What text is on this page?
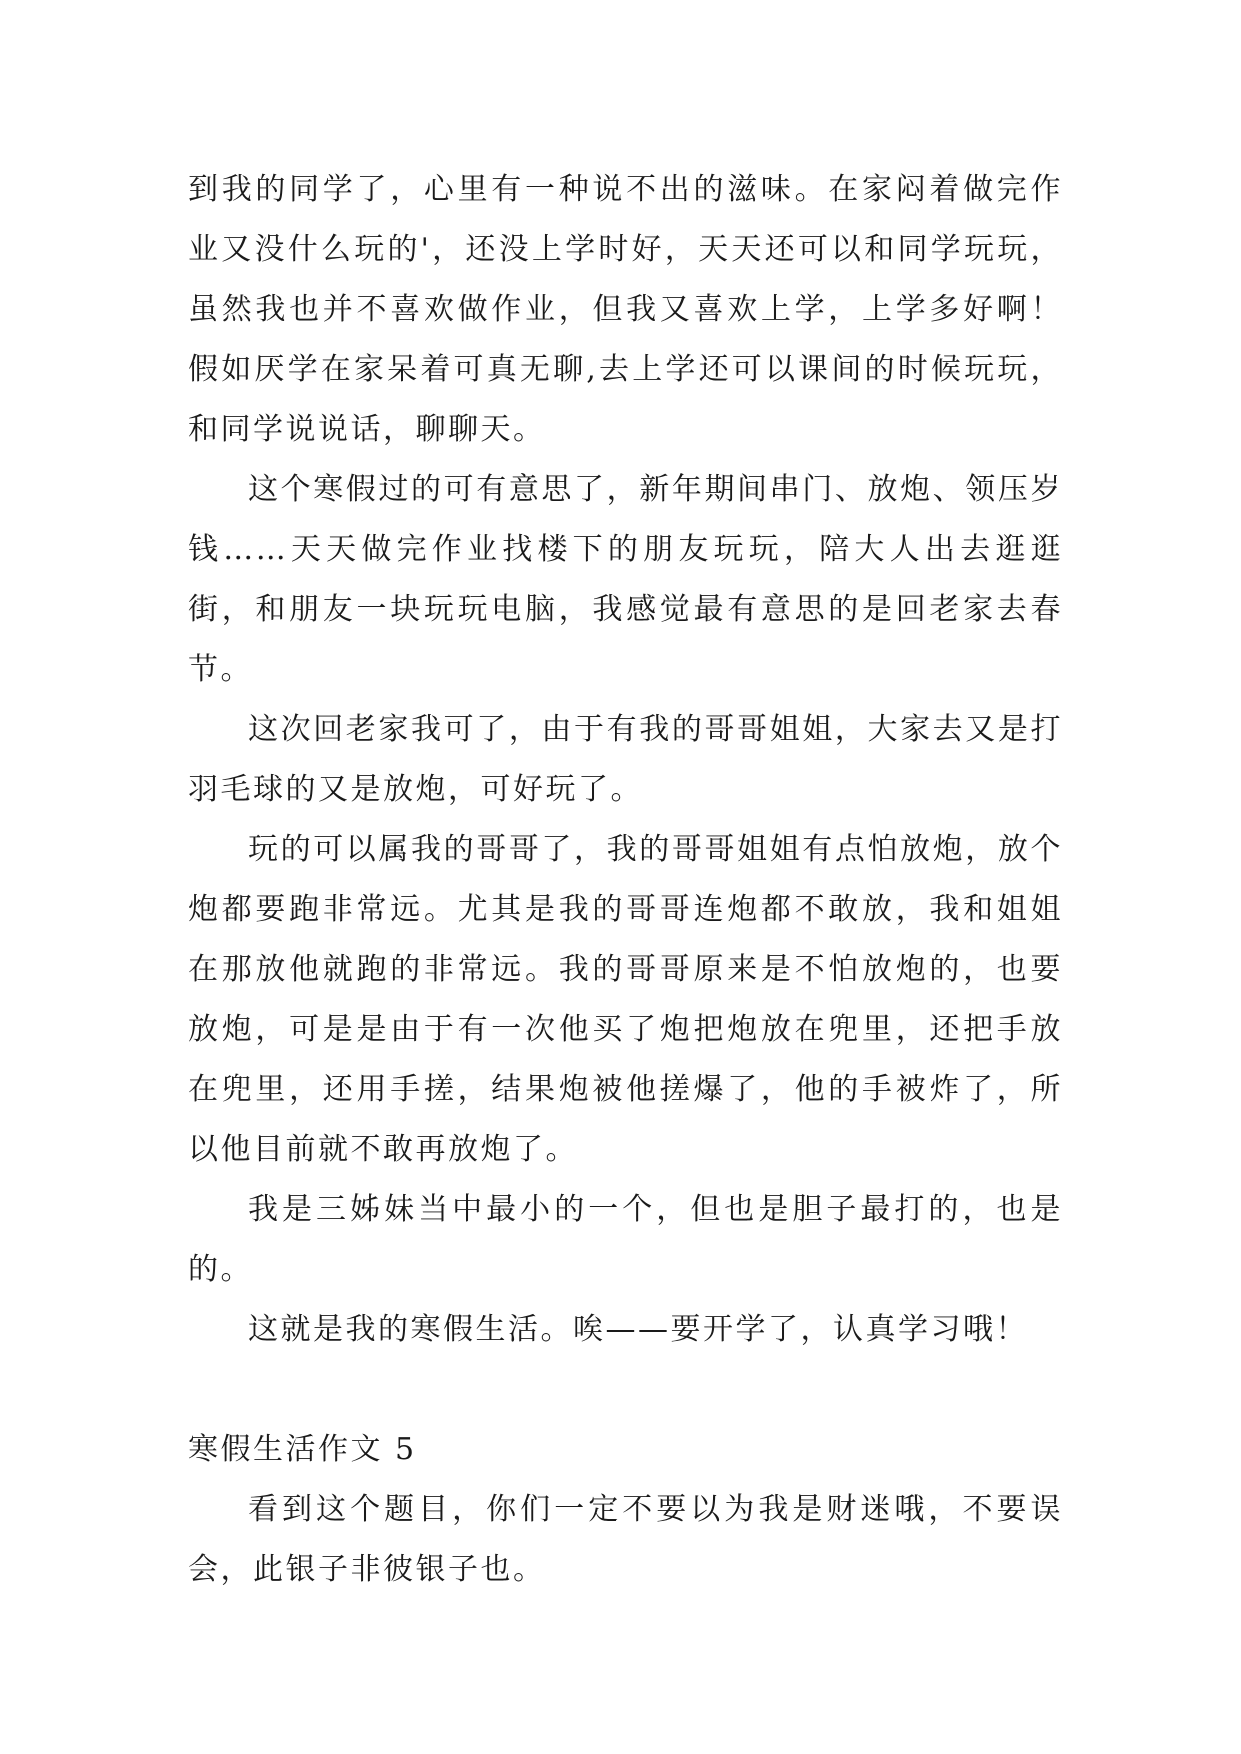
到我的同学了，心里有一种说不出的滋味。在家闷着做完作业又没什么玩的'，还没上学时好，天天还可以和同学玩玩，虽然我也并不喜欢做作业，但我又喜欢上学，上学多好啊！假如厌学在家呆着可真无聊,去上学还可以课间的时候玩玩，和同学说说话，聊聊天。

这个寒假过的可有意思了，新年期间串门、放炮、领压岁钱……天天做完作业找楼下的朋友玩玩，陪大人出去逛逛街，和朋友一块玩玩电脑，我感觉最有意思的是回老家去春节。

这次回老家我可了，由于有我的哥哥姐姐，大家去又是打羽毛球的又是放炮，可好玩了。

玩的可以属我的哥哥了，我的哥哥姐姐有点怕放炮，放个炮都要跑非常远。尤其是我的哥哥连炮都不敢放，我和姐姐在那放他就跑的非常远。我的哥哥原来是不怕放炮的，也要放炮，可是是由于有一次他买了炮把炮放在兜里，还把手放在兜里，还用手搓，结果炮被他搓爆了，他的手被炸了，所以他目前就不敢再放炮了。

我是三姊妹当中最小的一个，但也是胆子最打的，也是的。

这就是我的寒假生活。唉——要开学了，认真学习哦！

寒假生活作文 5

看到这个题目，你们一定不要以为我是财迷哦，不要误会，此银子非彼银子也。
